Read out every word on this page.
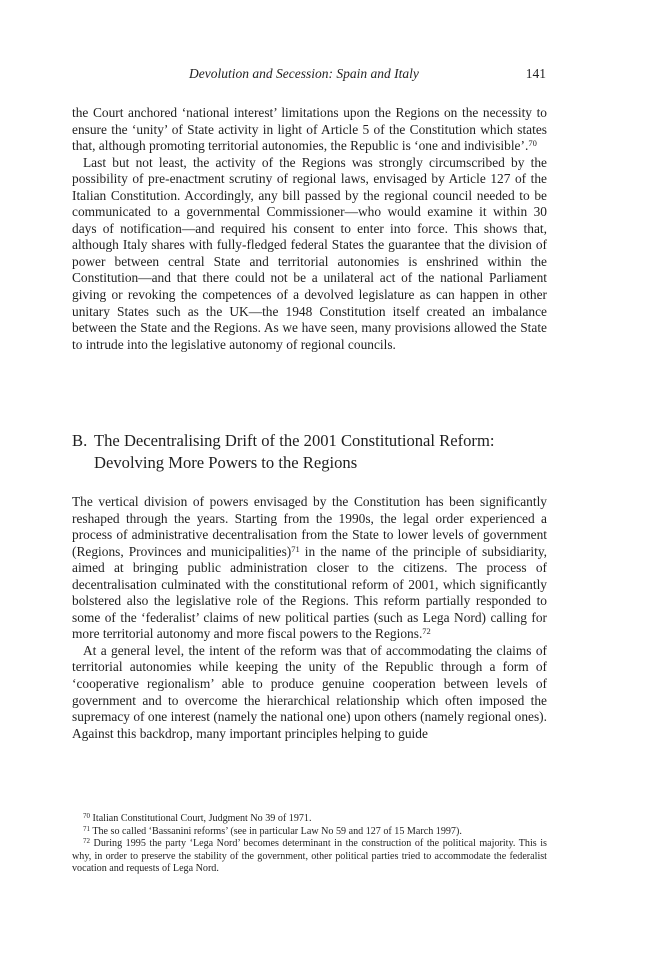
Devolution and Secession: Spain and Italy	141

the Court anchored ‘national interest’ limitations upon the Regions on the necessity to ensure the ‘unity’ of State activity in light of Article 5 of the Constitution which states that, although promoting territorial autonomies, the Republic is ‘one and indivisible’.$^{70}$

Last but not least, the activity of the Regions was strongly circumscribed by the possibility of pre-enactment scrutiny of regional laws, envisaged by Article 127 of the Italian Constitution. Accordingly, any bill passed by the regional council needed to be communicated to a governmental Commissioner—who would examine it within 30 days of notification—and required his consent to enter into force. This shows that, although Italy shares with fully-fledged federal States the guarantee that the division of power between central State and territorial autonomies is enshrined within the Constitution—and that there could not be a unilateral act of the national Parliament giving or revoking the competences of a devolved legislature as can happen in other unitary States such as the UK—the 1948 Constitution itself created an imbalance between the State and the Regions. As we have seen, many provisions allowed the State to intrude into the legislative autonomy of regional councils.

B. The Decentralising Drift of the 2001 Constitutional Reform:
Devolving More Powers to the Regions

The vertical division of powers envisaged by the Constitution has been significantly reshaped through the years. Starting from the 1990s, the legal order experienced a process of administrative decentralisation from the State to lower levels of government (Regions, Provinces and municipalities)$^{71}$ in the name of the principle of subsidiarity, aimed at bringing public administration closer to the citizens. The process of decentralisation culminated with the constitutional reform of 2001, which significantly bolstered also the legislative role of the Regions. This reform partially responded to some of the ‘federalist’ claims of new political parties (such as Lega Nord) calling for more territorial autonomy and more fiscal powers to the Regions.$^{72}$

At a general level, the intent of the reform was that of accommodating the claims of territorial autonomies while keeping the unity of the Republic through a form of ‘cooperative regionalism’ able to produce genuine cooperation between levels of government and to overcome the hierarchical relationship which often imposed the supremacy of one interest (namely the national one) upon others (namely regional ones). Against this backdrop, many important principles helping to guide

$^{70}$ Italian Constitutional Court, Judgment No 39 of 1971.

$^{71}$ The so called ‘Bassanini reforms’ (see in particular Law No 59 and 127 of 15 March 1997).

$^{72}$ During 1995 the party ‘Lega Nord’ becomes determinant in the construction of the political majority. This is why, in order to preserve the stability of the government, other political parties tried to accommodate the federalist vocation and requests of Lega Nord.
